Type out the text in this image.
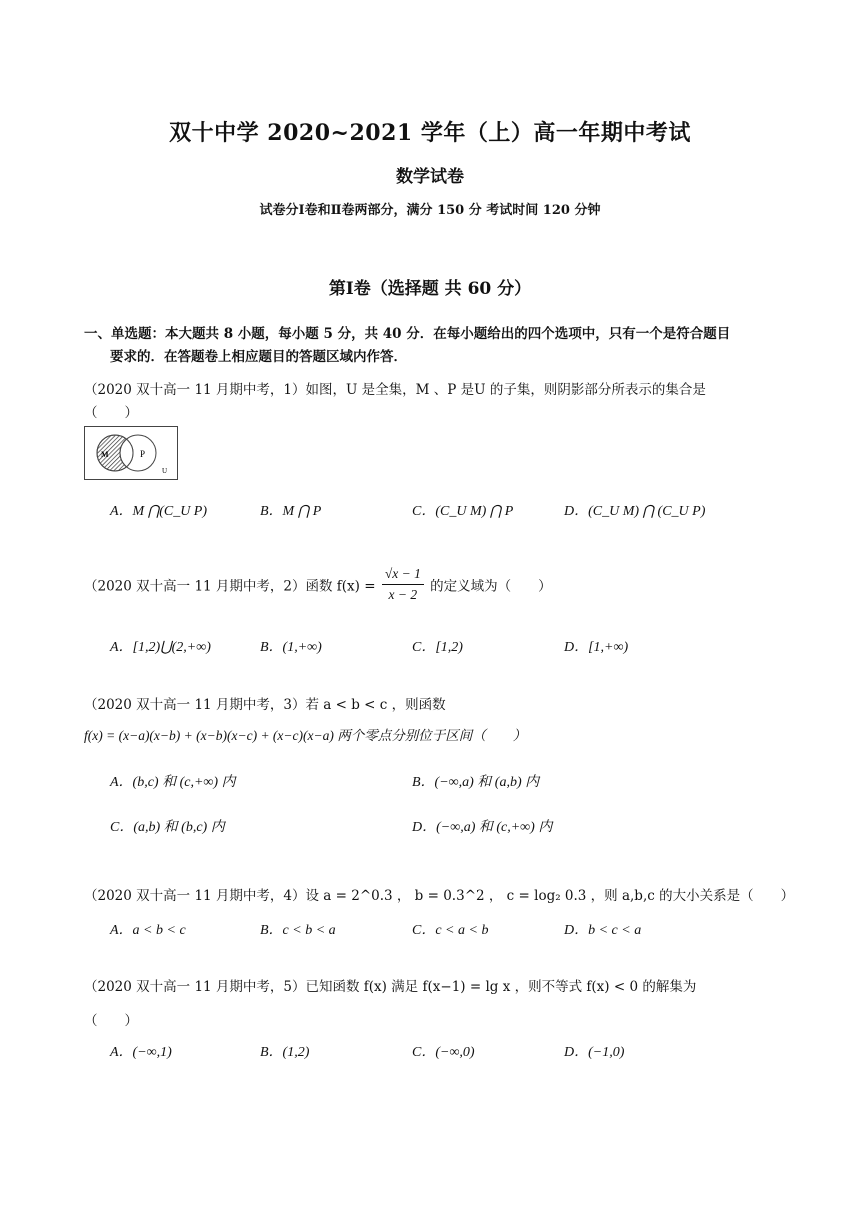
双十中学 2020~2021 学年（上）高一年期中考试
数学试卷
试卷分Ⅰ卷和Ⅱ卷两部分，满分 150 分 考试时间 120 分钟
第Ⅰ卷（选择题 共 60 分）
一、单选题：本大题共 8 小题，每小题 5 分，共 40 分．在每小题给出的四个选项中，只有一个是符合题目
要求的．在答题卷上相应题目的答题区域内作答．
（2020 双十高一 11 月期中考，1）如图，U 是全集，M 、P 是U 的子集，则阴影部分所表示的集合是
（　　）
M	P
U
A．M ⋂(C_U P)	B．M ⋂ P	C．(C_U M) ⋂ P	D．(C_U M) ⋂ (C_U P)
（2020 双十高一 11 月期中考，2）函数 $f(x) = \frac{√x - 1}{x - 2}$ 的定义域为（　　）
A．[1,2)⋃(2,+∞)	B．(1,+∞)	C．[1,2)	D．[1,+∞)
（2020 双十高一 11 月期中考，3）若 a < b < c ，则函数
f(x) = (x−a)(x−b) + (x−b)(x−c) + (x−c)(x−a) 两个零点分别位于区间（　　）
A．(b,c) 和 (c,+∞) 内	B．(−∞,a) 和 (a,b) 内
C．(a,b) 和 (b,c) 内	D．(−∞,a) 和 (c,+∞) 内
（2020 双十高一 11 月期中考，4）设 a = 2^0.3 ， b = 0.3^2 ， c = log₂ 0.3 ，则 a,b,c 的大小关系是（　　）
A．a < b < c	B．c < b < a	C．c < a < b	D．b < c < a
（2020 双十高一 11 月期中考，5）已知函数 f(x) 满足 f(x−1) = lg x ，则不等式 f(x) < 0 的解集为
（　　）
A．(−∞,1)	B．(1,2)	C．(−∞,0)	D．(−1,0)
